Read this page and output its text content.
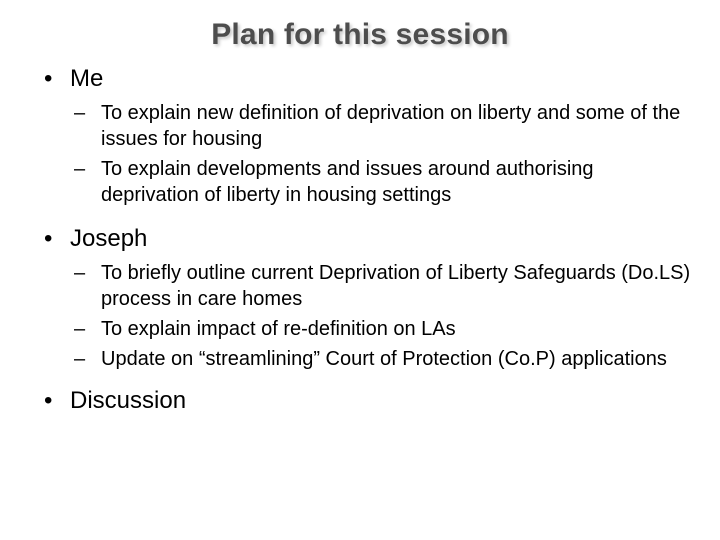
Plan for this session
• Me
– To explain new definition of deprivation on liberty and some of the issues for housing
– To explain developments and issues around authorising deprivation of liberty in housing settings
• Joseph
– To briefly outline current Deprivation of Liberty Safeguards (Do.LS) process in care homes
– To explain impact of re-definition on LAs
– Update on “streamlining” Court of Protection (Co.P) applications
• Discussion
